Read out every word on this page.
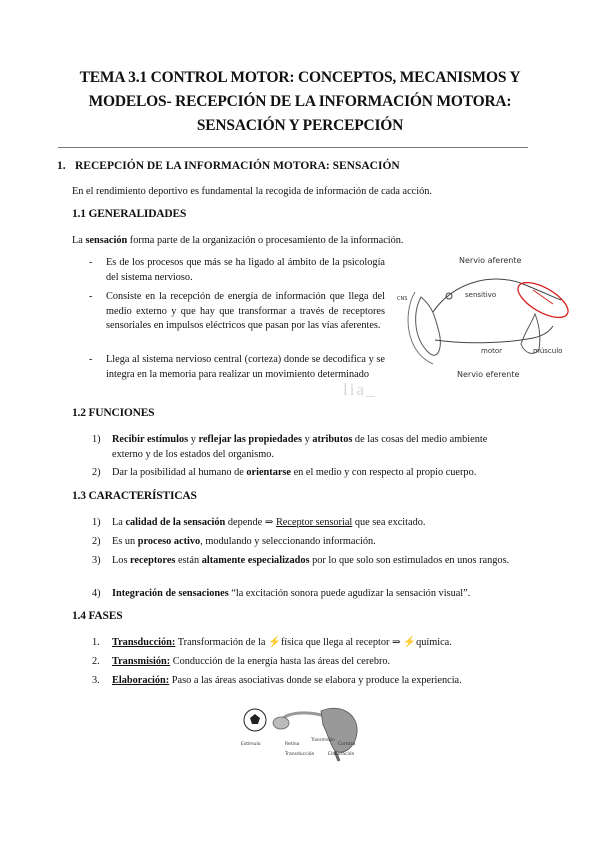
TEMA 3.1 CONTROL MOTOR: CONCEPTOS, MECANISMOS Y
MODELOS- RECEPCIÓN DE LA INFORMACIÓN MOTORA:
SENSACIÓN Y PERCEPCIÓN
1. RECEPCIÓN DE LA INFORMACIÓN MOTORA: SENSACIÓN
En el rendimiento deportivo es fundamental la recogida de información de cada acción.
1.1 GENERALIDADES
La sensación forma parte de la organización o procesamiento de la información.
- Es de los procesos que más se ha ligado al ámbito de la psicología del sistema nervioso.
- Consiste en la recepción de energía de información que llega del medio externo y que hay que transformar a través de receptores sensoriales en impulsos eléctricos que pasan por las vías aferentes.
- Llega al sistema nervioso central (corteza) donde se decodifica y se integra en la memoria para realizar un movimiento determinado
Nervio aferente
sensitivo
CNS
motor	músculo
Nervio eferente
lia_
1.2 FUNCIONES
1) Recibir estímulos y reflejar las propiedades y atributos de las cosas del medio ambiente externo y de los estados del organismo.
2) Dar la posibilidad al humano de orientarse en el medio y con respecto al propio cuerpo.
1.3 CARACTERÍSTICAS
1) La calidad de la sensación depende ⇒ Receptor sensorial que sea excitado.
2) Es un proceso activo, modulando y seleccionando información.
3) Los receptores están altamente especializados por lo que solo son estimulados en unos rangos.
4) Integración de sensaciones “la excitación sonora puede agudizar la sensación visual”.
1.4 FASES
1. Transducción: Transformación de la ⚡física que llega al receptor ⇒ ⚡química.
2. Transmisión: Conducción de la energía hasta las áreas del cerebro.
3. Elaboración: Paso a las áreas asociativas donde se elabora y produce la experiencia.
Estímulo	Retina
Transmisión
Corteza
Transducción	Elaboración
